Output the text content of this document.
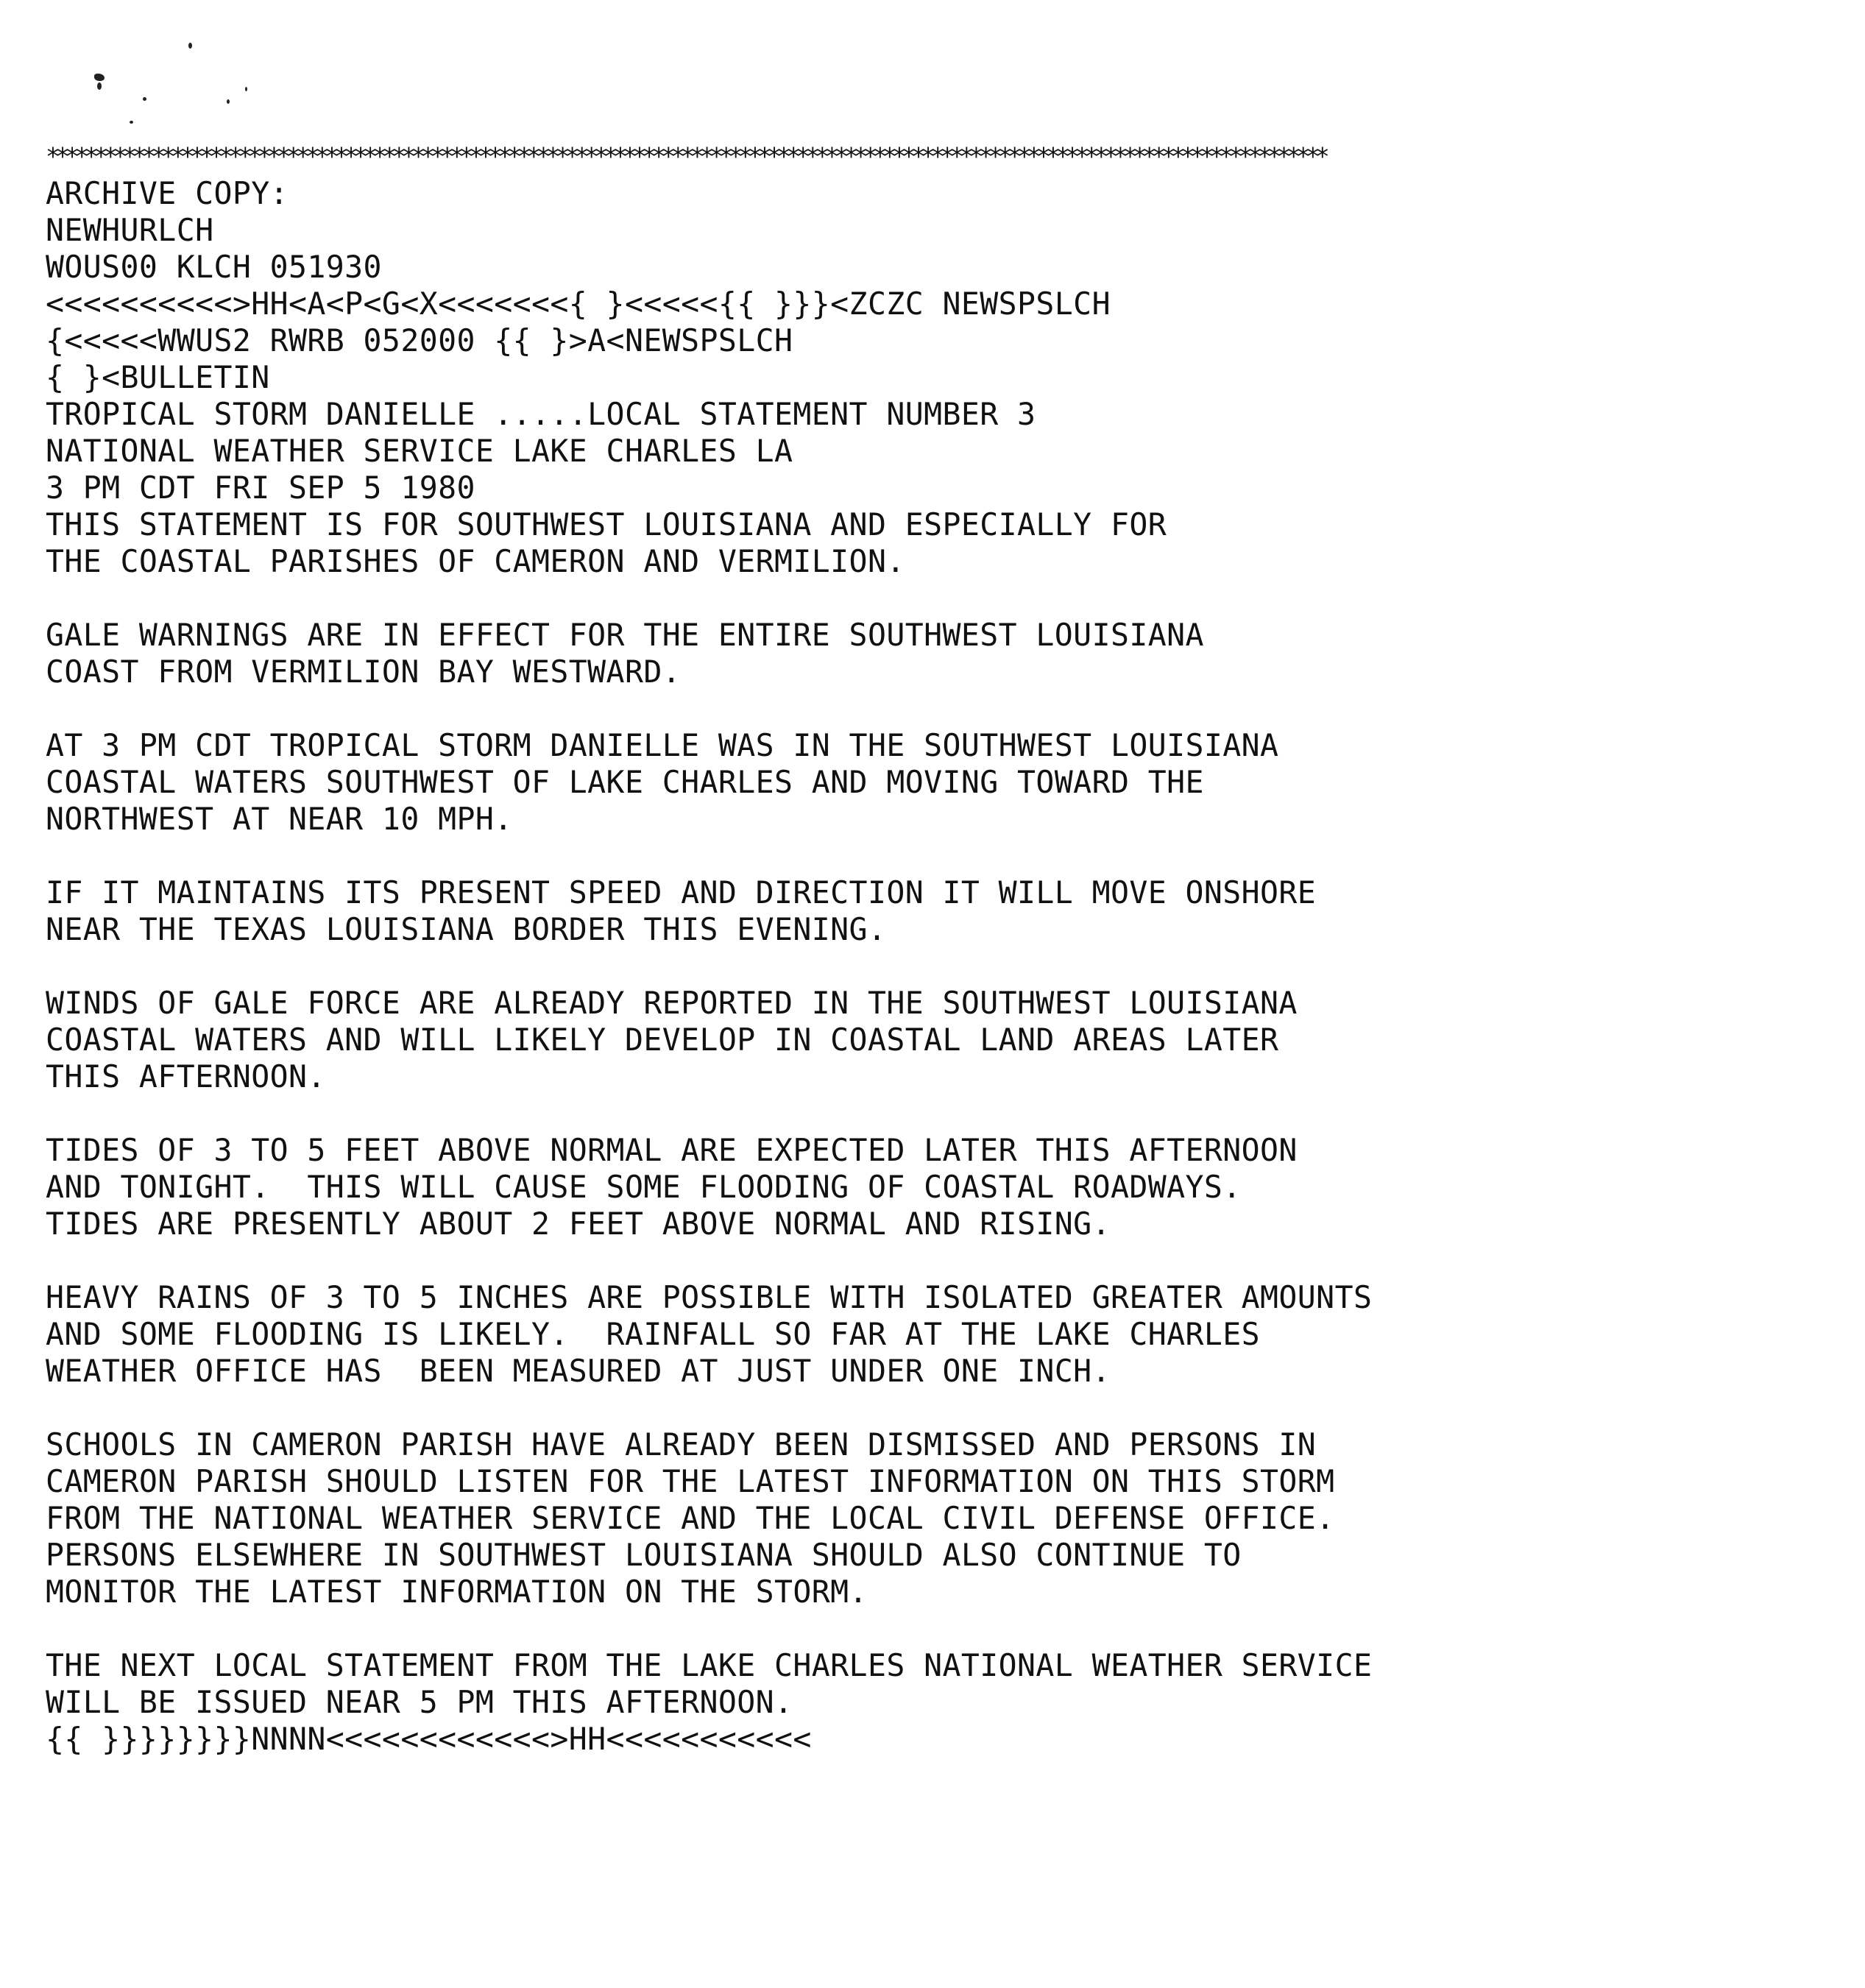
*************************************************************************************************************************************
ARCHIVE COPY:
NEWHURLCH
WOUS00 KLCH 051930
<<<<<<<<<<>HH<A<P<G<X<<<<<<<{ }<<<<<{{ }}}<ZCZC NEWSPSLCH
{<<<<<WWUS2 RWRB 052000 {{ }>A<NEWSPSLCH
{ }<BULLETIN
TROPICAL STORM DANIELLE .....LOCAL STATEMENT NUMBER 3
NATIONAL WEATHER SERVICE LAKE CHARLES LA
3 PM CDT FRI SEP 5 1980
THIS STATEMENT IS FOR SOUTHWEST LOUISIANA AND ESPECIALLY FOR
THE COASTAL PARISHES OF CAMERON AND VERMILION.
GALE WARNINGS ARE IN EFFECT FOR THE ENTIRE SOUTHWEST LOUISIANA
COAST FROM VERMILION BAY WESTWARD.
AT 3 PM CDT TROPICAL STORM DANIELLE WAS IN THE SOUTHWEST LOUISIANA
COASTAL WATERS SOUTHWEST OF LAKE CHARLES AND MOVING TOWARD THE
NORTHWEST AT NEAR 10 MPH.
IF IT MAINTAINS ITS PRESENT SPEED AND DIRECTION IT WILL MOVE ONSHORE
NEAR THE TEXAS LOUISIANA BORDER THIS EVENING.
WINDS OF GALE FORCE ARE ALREADY REPORTED IN THE SOUTHWEST LOUISIANA
COASTAL WATERS AND WILL LIKELY DEVELOP IN COASTAL LAND AREAS LATER
THIS AFTERNOON.
TIDES OF 3 TO 5 FEET ABOVE NORMAL ARE EXPECTED LATER THIS AFTERNOON
AND TONIGHT.  THIS WILL CAUSE SOME FLOODING OF COASTAL ROADWAYS.
TIDES ARE PRESENTLY ABOUT 2 FEET ABOVE NORMAL AND RISING.
HEAVY RAINS OF 3 TO 5 INCHES ARE POSSIBLE WITH ISOLATED GREATER AMOUNTS
AND SOME FLOODING IS LIKELY.  RAINFALL SO FAR AT THE LAKE CHARLES
WEATHER OFFICE HAS  BEEN MEASURED AT JUST UNDER ONE INCH.
SCHOOLS IN CAMERON PARISH HAVE ALREADY BEEN DISMISSED AND PERSONS IN
CAMERON PARISH SHOULD LISTEN FOR THE LATEST INFORMATION ON THIS STORM
FROM THE NATIONAL WEATHER SERVICE AND THE LOCAL CIVIL DEFENSE OFFICE.
PERSONS ELSEWHERE IN SOUTHWEST LOUISIANA SHOULD ALSO CONTINUE TO
MONITOR THE LATEST INFORMATION ON THE STORM.
THE NEXT LOCAL STATEMENT FROM THE LAKE CHARLES NATIONAL WEATHER SERVICE
WILL BE ISSUED NEAR 5 PM THIS AFTERNOON.
{{ }}}}}}}}NNNN<<<<<<<<<<<<>HH<<<<<<<<<<<
